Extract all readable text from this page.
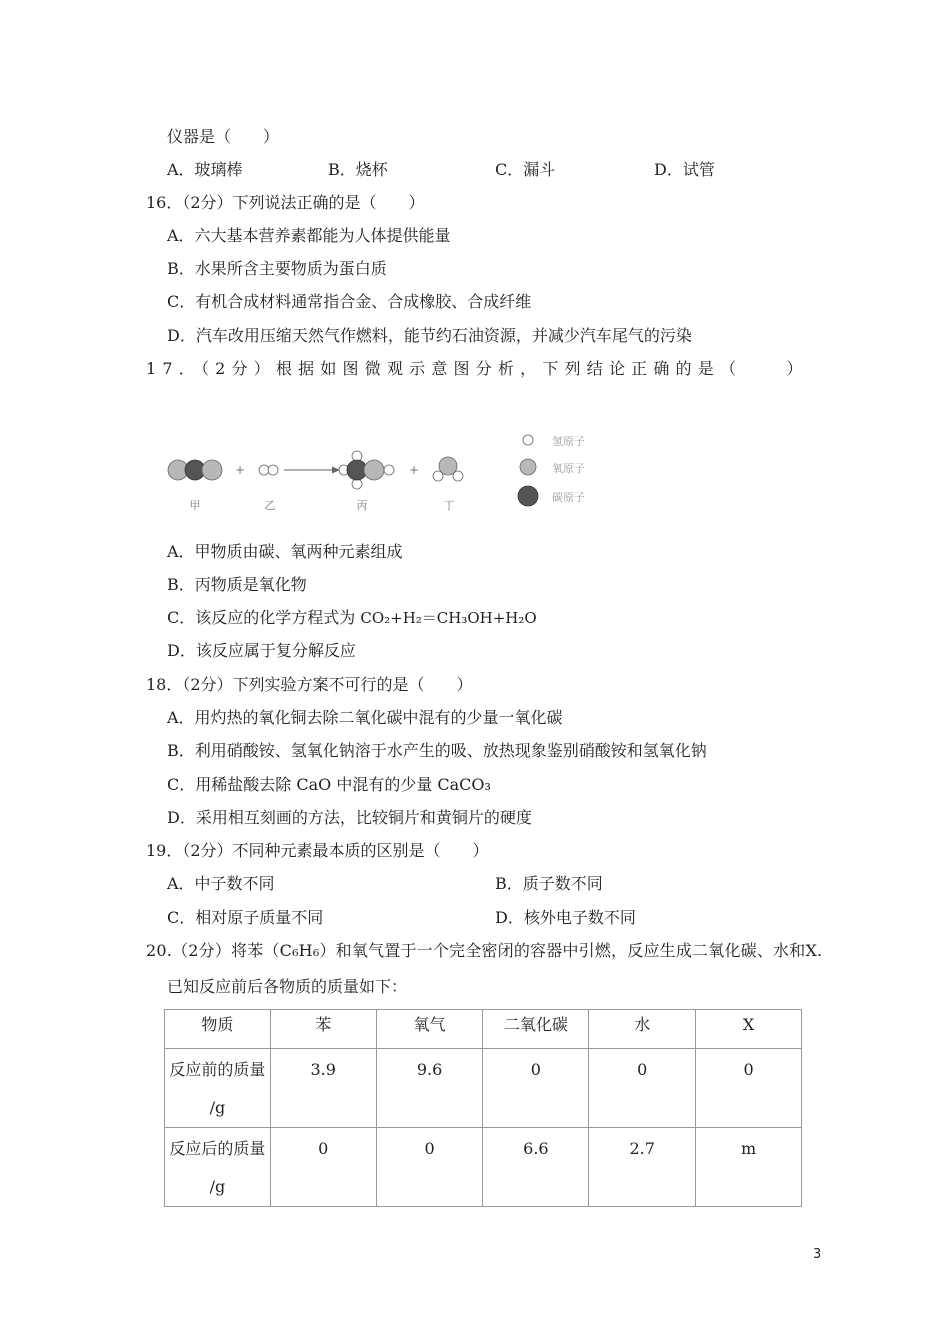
仪器是（　　）
A．玻璃棒	B．烧杯	C．漏斗	D．试管
16．（2分）下列说法正确的是（　　）
A．六大基本营养素都能为人体提供能量
B．水果所含主要物质为蛋白质
C．有机合成材料通常指合金、合成橡胶、合成纤维
D．汽车改用压缩天然气作燃料，能节约石油资源，并减少汽车尾气的污染
17．（2分）根据如图微观示意图分析，下列结论正确的是（　　）
甲
+
乙	丙
+
丁
氢原子
氧原子
碳原子
A．甲物质由碳、氧两种元素组成
B．丙物质是氧化物
C．该反应的化学方程式为 CO₂+H₂＝CH₃OH+H₂O
D．该反应属于复分解反应
18．（2分）下列实验方案不可行的是（　　）
A．用灼热的氧化铜去除二氧化碳中混有的少量一氧化碳
B．利用硝酸铵、氢氧化钠溶于水产生的吸、放热现象鉴别硝酸铵和氢氧化钠
C．用稀盐酸去除 CaO 中混有的少量 CaCO₃
D．采用相互刻画的方法，比较铜片和黄铜片的硬度
19．（2分）不同种元素最本质的区别是（　　）
A．中子数不同	B．质子数不同
C．相对原子质量不同	D．核外电子数不同
20.（2分）将苯（C₆H₆）和氧气置于一个完全密闭的容器中引燃，反应生成二氧化碳、水和X.
已知反应前后各物质的质量如下：
物质	苯	氧气	二氧化碳	水	X

反应前的质量
/g	3.9	9.6	0	0	0

反应后的质量
/g	0	0	6.6	2.7	m
3
